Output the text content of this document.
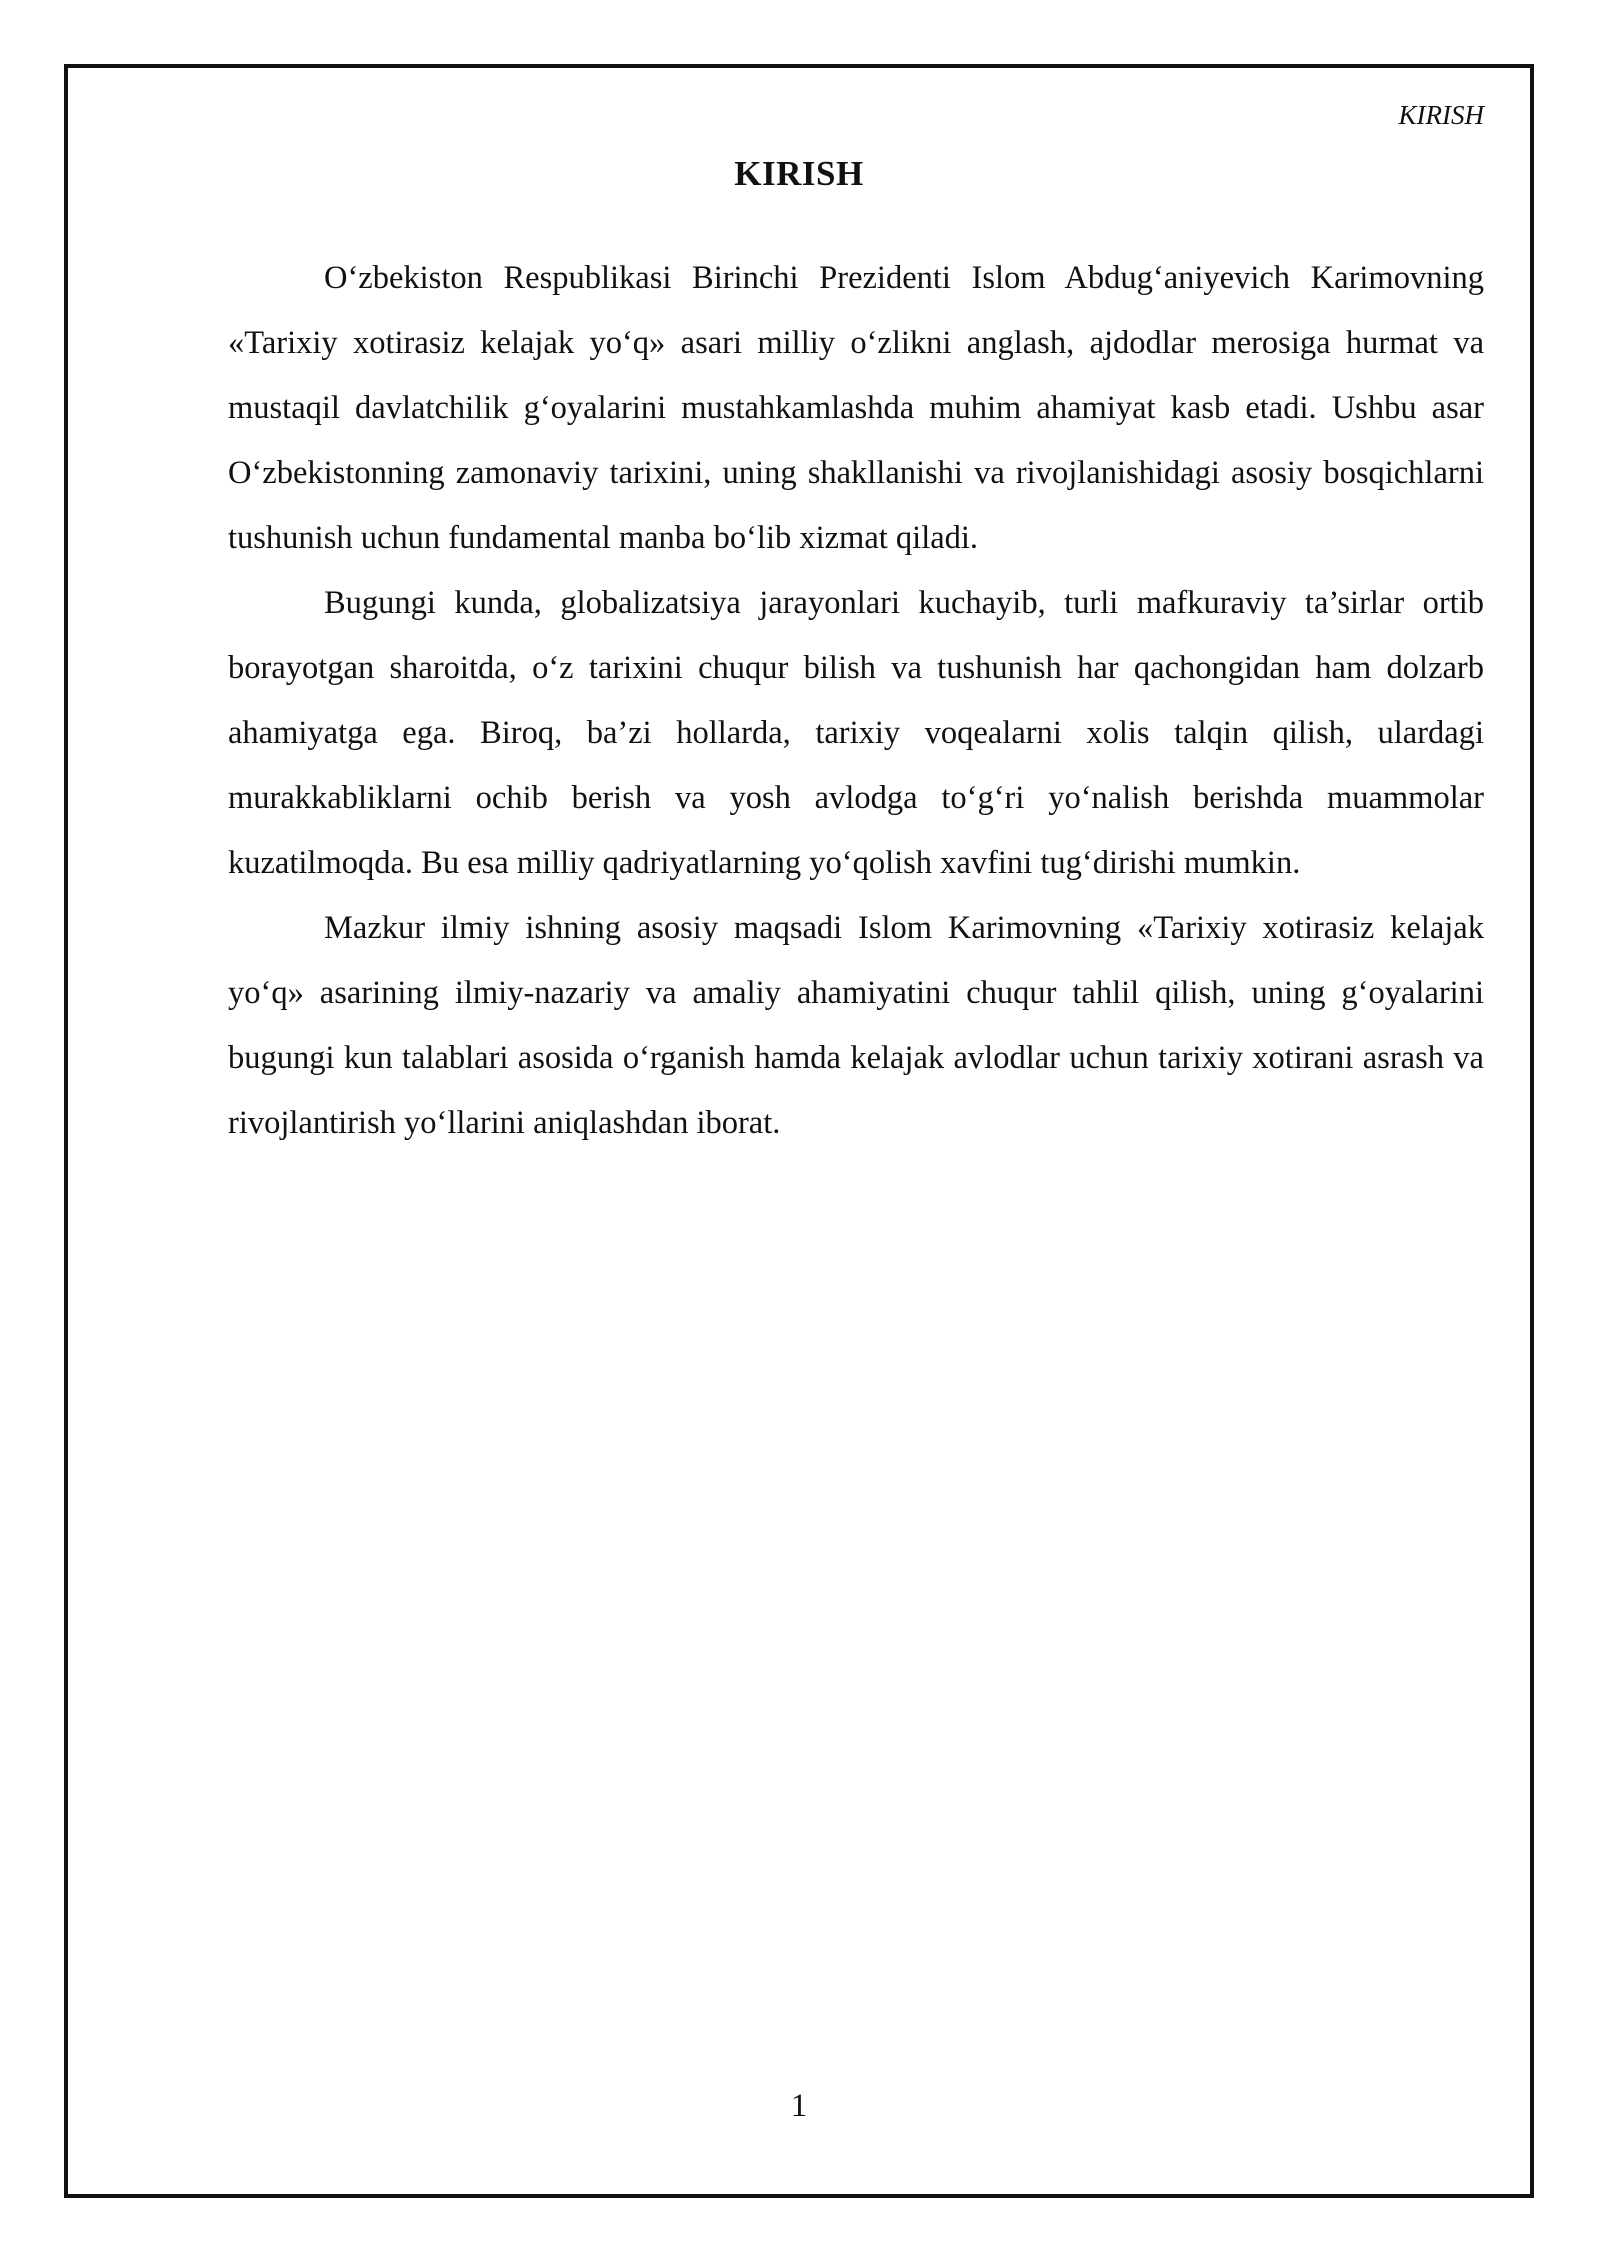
KIRISH
KIRISH

O‘zbekiston Respublikasi Birinchi Prezidenti Islom Abdug‘aniyevich Karimovning «Tarixiy xotirasiz kelajak yo‘q» asari milliy o‘zlikni anglash, ajdodlar merosiga hurmat va mustaqil davlatchilik g‘oyalarini mustahkamlashda muhim ahamiyat kasb etadi. Ushbu asar O‘zbekistonning zamonaviy tarixini, uning shakllanishi va rivojlanishidagi asosiy bosqichlarni tushunish uchun fundamental manba bo‘lib xizmat qiladi.

Bugungi kunda, globalizatsiya jarayonlari kuchayib, turli mafkuraviy ta’sirlar ortib borayotgan sharoitda, o‘z tarixini chuqur bilish va tushunish har qachongidan ham dolzarb ahamiyatga ega. Biroq, ba’zi hollarda, tarixiy voqealarni xolis talqin qilish, ulardagi murakkabliklarni ochib berish va yosh avlodga to‘g‘ri yo‘nalish berishda muammolar kuzatilmoqda. Bu esa milliy qadriyatlarning yo‘qolish xavfini tug‘dirishi mumkin.

Mazkur ilmiy ishning asosiy maqsadi Islom Karimovning «Tarixiy xotirasiz kelajak yo‘q» asarining ilmiy-nazariy va amaliy ahamiyatini chuqur tahlil qilish, uning g‘oyalarini bugungi kun talablari asosida o‘rganish hamda kelajak avlodlar uchun tarixiy xotirani asrash va rivojlantirish yo‘llarini aniqlashdan iborat.

1
